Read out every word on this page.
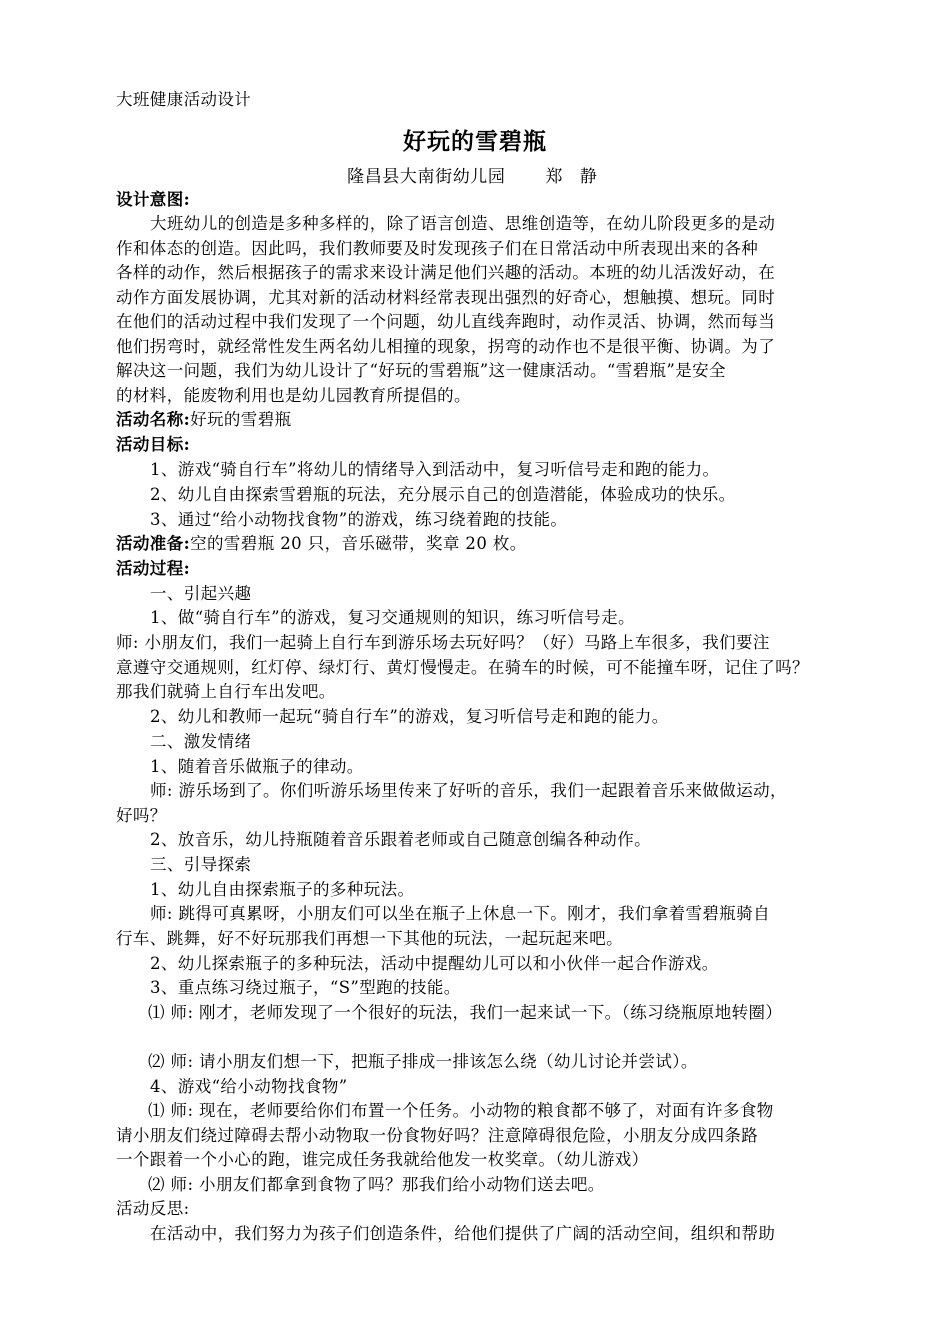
大班健康活动设计
好玩的雪碧瓶
隆昌县大南街幼儿园 郑 静
设计意图:
大班幼儿的创造是多种多样的，除了语言创造、思维创造等，在幼儿阶段更多的是动
作和体态的创造。因此吗，我们教师要及时发现孩子们在日常活动中所表现出来的各种
各样的动作，然后根据孩子的需求来设计满足他们兴趣的活动。本班的幼儿活泼好动，在
动作方面发展协调，尤其对新的活动材料经常表现出强烈的好奇心，想触摸、想玩。同时
在他们的活动过程中我们发现了一个问题，幼儿直线奔跑时，动作灵活、协调，然而每当
他们拐弯时，就经常性发生两名幼儿相撞的现象，拐弯的动作也不是很平衡、协调。为了
解决这一问题，我们为幼儿设计了“好玩的雪碧瓶”这一健康活动。“雪碧瓶”是安全
的材料，能废物利用也是幼儿园教育所提倡的。
活动名称:好玩的雪碧瓶
活动目标:
1、游戏“骑自行车”将幼儿的情绪导入到活动中，复习听信号走和跑的能力。
2、幼儿自由探索雪碧瓶的玩法，充分展示自己的创造潜能，体验成功的快乐。
3、通过“给小动物找食物”的游戏，练习绕着跑的技能。
活动准备:空的雪碧瓶 20 只，音乐磁带，奖章 20 枚。
活动过程:
一、引起兴趣
1、做“骑自行车”的游戏，复习交通规则的知识，练习听信号走。
师: 小朋友们，我们一起骑上自行车到游乐场去玩好吗？（好）马路上车很多，我们要注
意遵守交通规则，红灯停、绿灯行、黄灯慢慢走。在骑车的时候，可不能撞车呀，记住了吗？
那我们就骑上自行车出发吧。
2、幼儿和教师一起玩“骑自行车”的游戏，复习听信号走和跑的能力。
二、激发情绪
1、随着音乐做瓶子的律动。
师: 游乐场到了。你们听游乐场里传来了好听的音乐，我们一起跟着音乐来做做运动，
好吗？
2、放音乐，幼儿持瓶随着音乐跟着老师或自己随意创编各种动作。
三、引导探索
1、幼儿自由探索瓶子的多种玩法。
师: 跳得可真累呀，小朋友们可以坐在瓶子上休息一下。刚才，我们拿着雪碧瓶骑自
行车、跳舞，好不好玩那我们再想一下其他的玩法，一起玩起来吧。
2、幼儿探索瓶子的多种玩法，活动中提醒幼儿可以和小伙伴一起合作游戏。
3、重点练习绕过瓶子，“S”型跑的技能。
⑴ 师: 刚才，老师发现了一个很好的玩法，我们一起来试一下。（练习绕瓶原地转圈）
⑵ 师: 请小朋友们想一下，把瓶子排成一排该怎么绕（幼儿讨论并尝试）。
4、游戏“给小动物找食物”
⑴ 师: 现在，老师要给你们布置一个任务。小动物的粮食都不够了，对面有许多食物
请小朋友们绕过障碍去帮小动物取一份食物好吗？注意障碍很危险，小朋友分成四条路
一个跟着一个小心的跑，谁完成任务我就给他发一枚奖章。（幼儿游戏）
⑵ 师: 小朋友们都拿到食物了吗？那我们给小动物们送去吧。
活动反思:
在活动中，我们努力为孩子们创造条件，给他们提供了广阔的活动空间，组织和帮助
